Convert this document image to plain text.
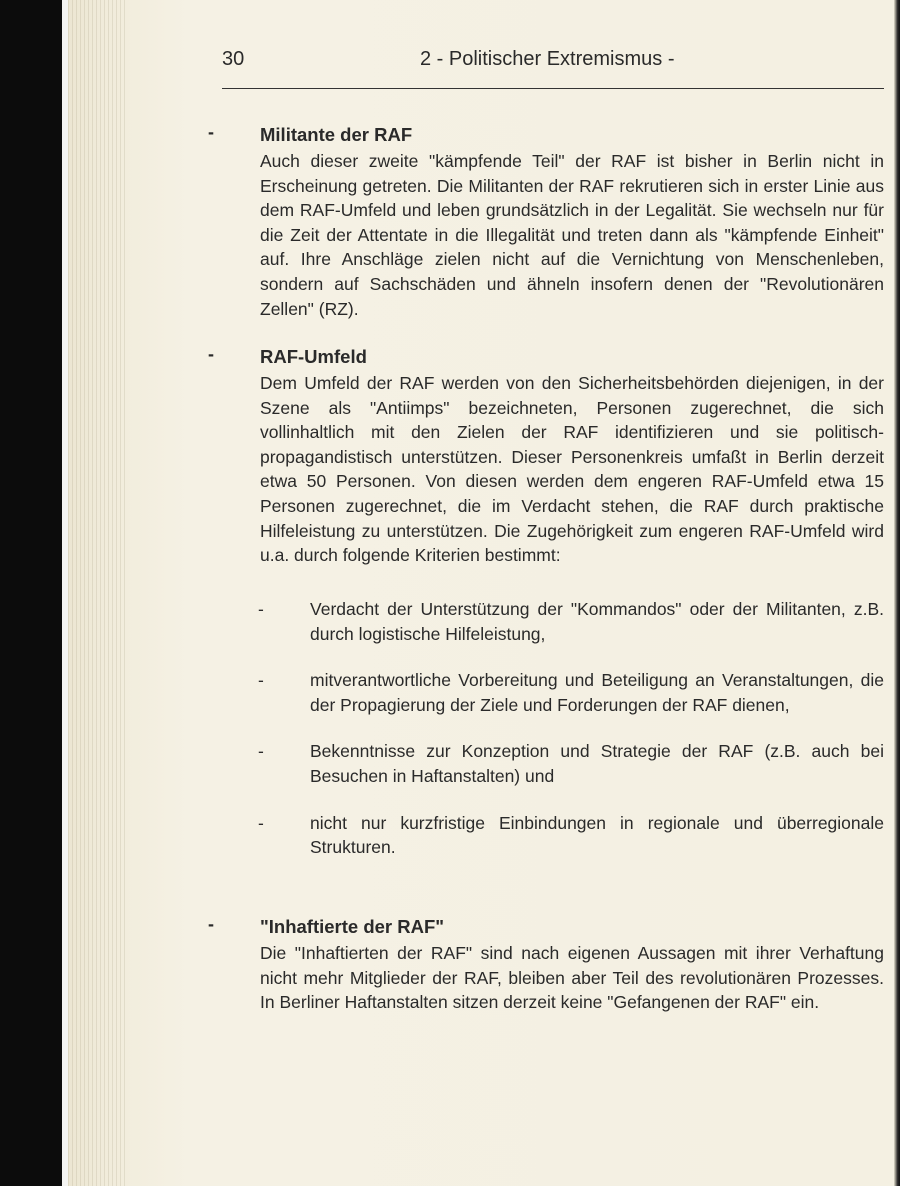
30	2 - Politischer Extremismus -
- Militante der RAF

Auch dieser zweite "kämpfende Teil" der RAF ist bisher in Berlin nicht in Erscheinung getreten. Die Militanten der RAF rekrutieren sich in erster Linie aus dem RAF-Umfeld und leben grundsätzlich in der Legalität. Sie wechseln nur für die Zeit der Attentate in die Illegalität und treten dann als "kämpfende Einheit" auf. Ihre Anschläge zielen nicht auf die Vernichtung von Menschenleben, sondern auf Sachschäden und ähneln insofern denen der "Revolutionären Zellen" (RZ).

- RAF-Umfeld

Dem Umfeld der RAF werden von den Sicherheitsbehörden diejenigen, in der Szene als "Antiimps" bezeichneten, Personen zugerechnet, die sich vollinhaltlich mit den Zielen der RAF identifizieren und sie politisch-propagandistisch unterstützen. Dieser Personenkreis umfaßt in Berlin derzeit etwa 50 Personen. Von diesen werden dem engeren RAF-Umfeld etwa 15 Personen zugerechnet, die im Verdacht stehen, die RAF durch praktische Hilfeleistung zu unterstützen. Die Zugehörigkeit zum engeren RAF-Umfeld wird u.a. durch folgende Kriterien bestimmt:

-	Verdacht der Unterstützung der "Kommandos" oder der Militanten, z.B. durch logistische Hilfeleistung,
-	mitverantwortliche Vorbereitung und Beteiligung an Veranstaltungen, die der Propagierung der Ziele und Forderungen der RAF dienen,
-	Bekenntnisse zur Konzeption und Strategie der RAF (z.B. auch bei Besuchen in Haftanstalten) und
-	nicht nur kurzfristige Einbindungen in regionale und überregionale Strukturen.
- "Inhaftierte der RAF"

Die "Inhaftierten der RAF" sind nach eigenen Aussagen mit ihrer Verhaftung nicht mehr Mitglieder der RAF, bleiben aber Teil des revolutionären Prozesses. In Berliner Haftanstalten sitzen derzeit keine "Gefangenen der RAF" ein.
